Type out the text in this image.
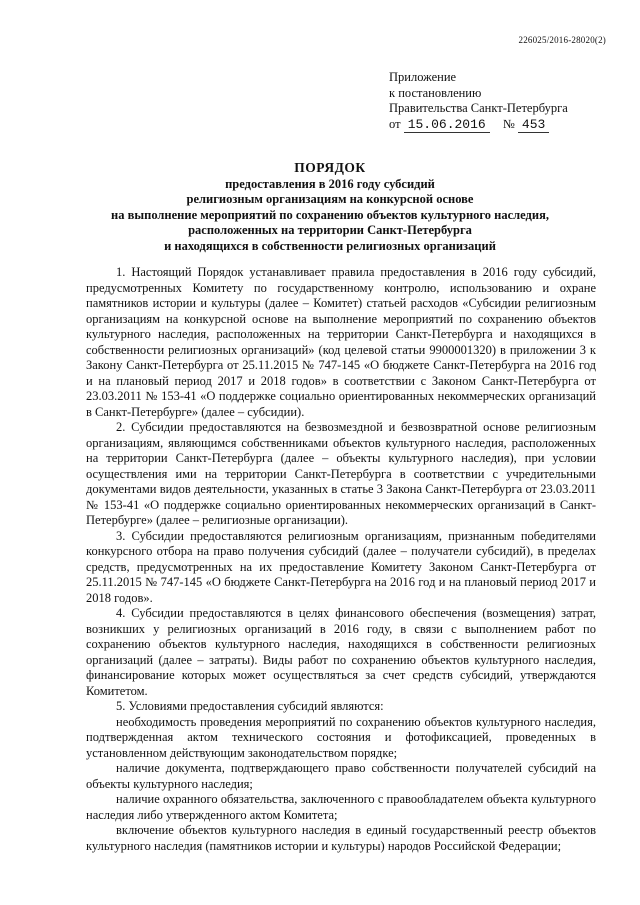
226025/2016-28020(2)
Приложение
к постановлению
Правительства Санкт-Петербурга
от 15.06.2016 № 453
ПОРЯДОК
предоставления в 2016 году субсидий
религиозным организациям на конкурсной основе
на выполнение мероприятий по сохранению объектов культурного наследия,
расположенных на территории Санкт-Петербурга
и находящихся в собственности религиозных организаций

1. Настоящий Порядок устанавливает правила предоставления в 2016 году субсидий, предусмотренных Комитету по государственному контролю, использованию и охране памятников истории и культуры (далее – Комитет) статьей расходов «Субсидии религиозным организациям на конкурсной основе на выполнение мероприятий по сохранению объектов культурного наследия, расположенных на территории Санкт-Петербурга и находящихся в собственности религиозных организаций» (код целевой статьи 9900001320) в приложении 3 к Закону Санкт-Петербурга от 25.11.2015 № 747-145 «О бюджете Санкт-Петербурга на 2016 год и на плановый период 2017 и 2018 годов» в соответствии с Законом Санкт-Петербурга от 23.03.2011 № 153-41 «О поддержке социально ориентированных некоммерческих организаций в Санкт-Петербурге» (далее – субсидии).

2. Субсидии предоставляются на безвозмездной и безвозвратной основе религиозным организациям, являющимся собственниками объектов культурного наследия, расположенных на территории Санкт-Петербурга (далее – объекты культурного наследия), при условии осуществления ими на территории Санкт-Петербурга в соответствии с учредительными документами видов деятельности, указанных в статье 3 Закона Санкт-Петербурга от 23.03.2011 № 153-41 «О поддержке социально ориентированных некоммерческих организаций в Санкт-Петербурге» (далее – религиозные организации).

3. Субсидии предоставляются религиозным организациям, признанным победителями конкурсного отбора на право получения субсидий (далее – получатели субсидий), в пределах средств, предусмотренных на их предоставление Комитету Законом Санкт-Петербурга от 25.11.2015 № 747-145 «О бюджете Санкт-Петербурга на 2016 год и на плановый период 2017 и 2018 годов».

4. Субсидии предоставляются в целях финансового обеспечения (возмещения) затрат, возникших у религиозных организаций в 2016 году, в связи с выполнением работ по сохранению объектов культурного наследия, находящихся в собственности религиозных организаций (далее – затраты). Виды работ по сохранению объектов культурного наследия, финансирование которых может осуществляться за счет средств субсидий, утверждаются Комитетом.

5. Условиями предоставления субсидий являются:

необходимость проведения мероприятий по сохранению объектов культурного наследия, подтвержденная актом технического состояния и фотофиксацией, проведенных в установленном действующим законодательством порядке;

наличие документа, подтверждающего право собственности получателей субсидий на объекты культурного наследия;

наличие охранного обязательства, заключенного с правообладателем объекта культурного наследия либо утвержденного актом Комитета;

включение объектов культурного наследия в единый государственный реестр объектов культурного наследия (памятников истории и культуры) народов Российской Федерации;
